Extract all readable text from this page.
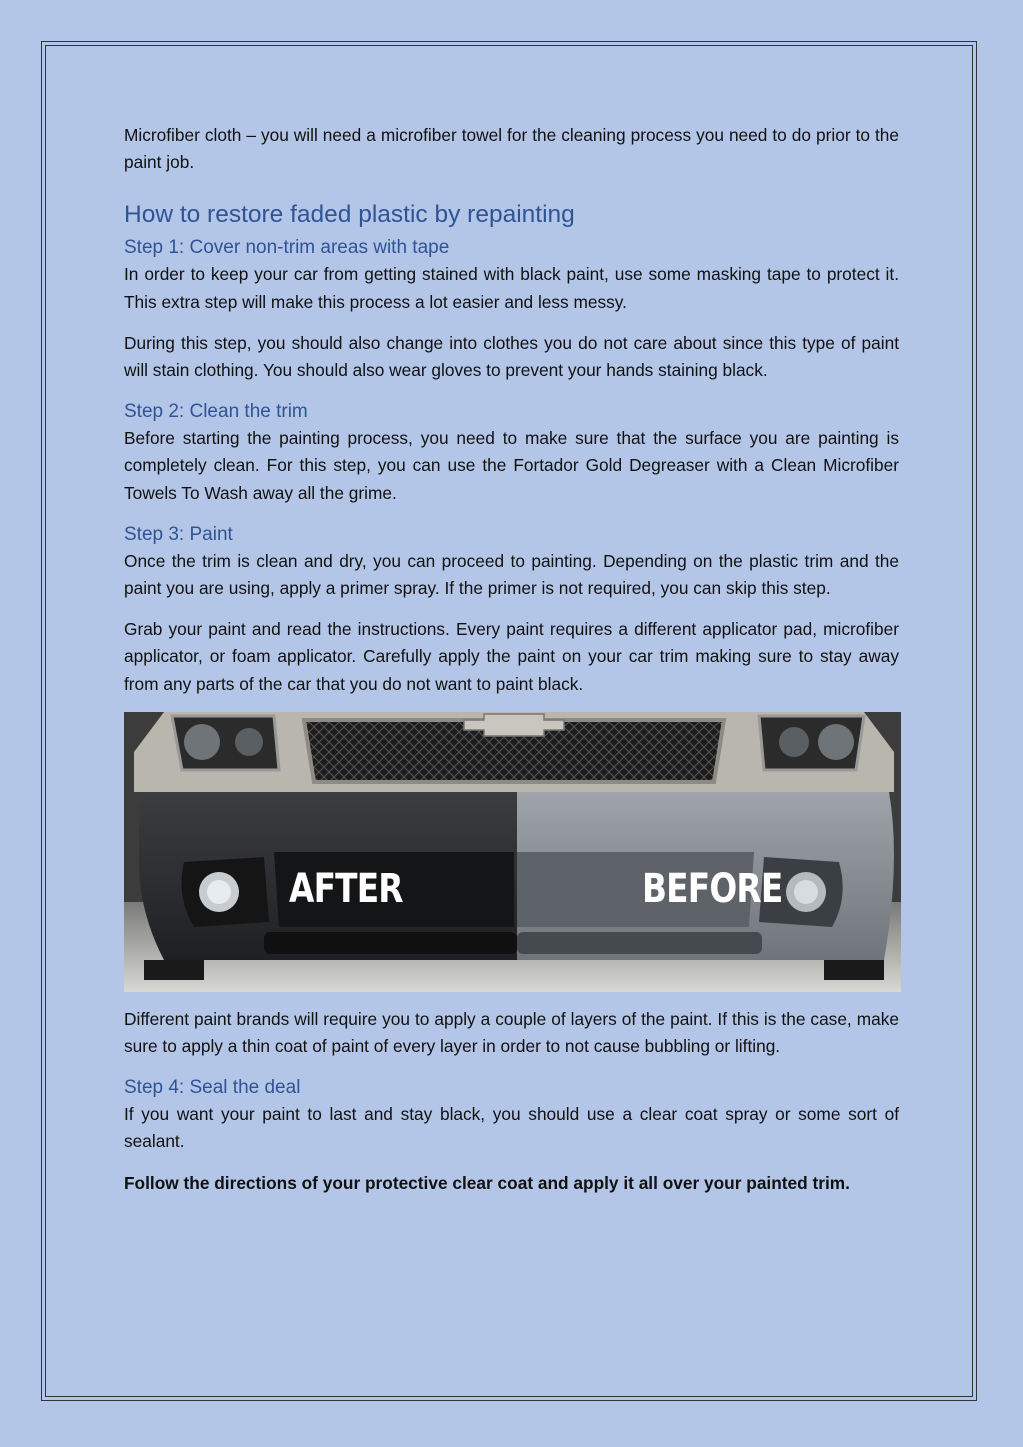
Microfiber cloth – you will need a microfiber towel for the cleaning process you need to do prior to the paint job.

How to restore faded plastic by repainting
Step 1: Cover non-trim areas with tape

In order to keep your car from getting stained with black paint, use some masking tape to protect it. This extra step will make this process a lot easier and less messy.

During this step, you should also change into clothes you do not care about since this type of paint will stain clothing. You should also wear gloves to prevent your hands staining black.

Step 2: Clean the trim

Before starting the painting process, you need to make sure that the surface you are painting is completely clean. For this step, you can use the Fortador Gold Degreaser with a Clean Microfiber Towels To Wash away all the grime.

Step 3: Paint

Once the trim is clean and dry, you can proceed to painting. Depending on the plastic trim and the paint you are using, apply a primer spray. If the primer is not required, you can skip this step.

Grab your paint and read the instructions. Every paint requires a different applicator pad, microfiber applicator, or foam applicator. Carefully apply the paint on your car trim making sure to stay away from any parts of the car that you do not want to paint black.

AFTER	BEFORE

Different paint brands will require you to apply a couple of layers of the paint. If this is the case, make sure to apply a thin coat of paint of every layer in order to not cause bubbling or lifting.

Step 4: Seal the deal

If you want your paint to last and stay black, you should use a clear coat spray or some sort of sealant.

Follow the directions of your protective clear coat and apply it all over your painted trim.
